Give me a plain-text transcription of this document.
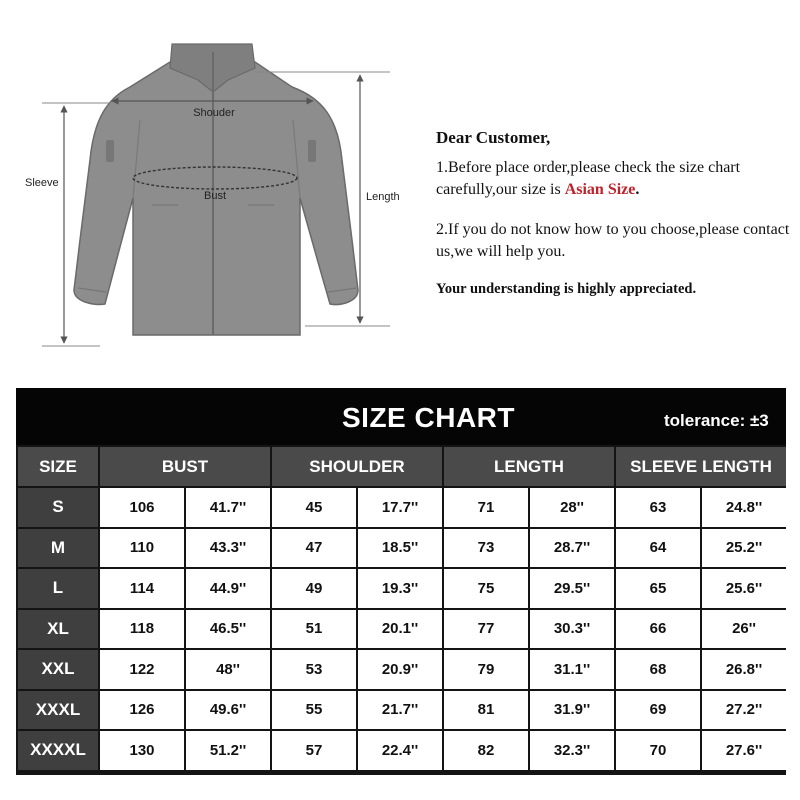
Shouder
Bust
Sleeve
Length

Dear Customer,

1.Before place order,please check the size chart carefully,our size is Asian Size.

2.If you do not know how to you choose,please contact us,we will help you.

Your understanding is highly appreciated.

SIZE CHART	tolerance: ±3
SIZE	BUST	SHOULDER	LENGTH	SLEEVE LENGTH
S	106	41.7''	45	17.7''	71	28''	63	24.8''
M	110	43.3''	47	18.5''	73	28.7''	64	25.2''
L	114	44.9''	49	19.3''	75	29.5''	65	25.6''
XL	118	46.5''	51	20.1''	77	30.3''	66	26''
XXL	122	48''	53	20.9''	79	31.1''	68	26.8''
XXXL	126	49.6''	55	21.7''	81	31.9''	69	27.2''
XXXXL	130	51.2''	57	22.4''	82	32.3''	70	27.6''
